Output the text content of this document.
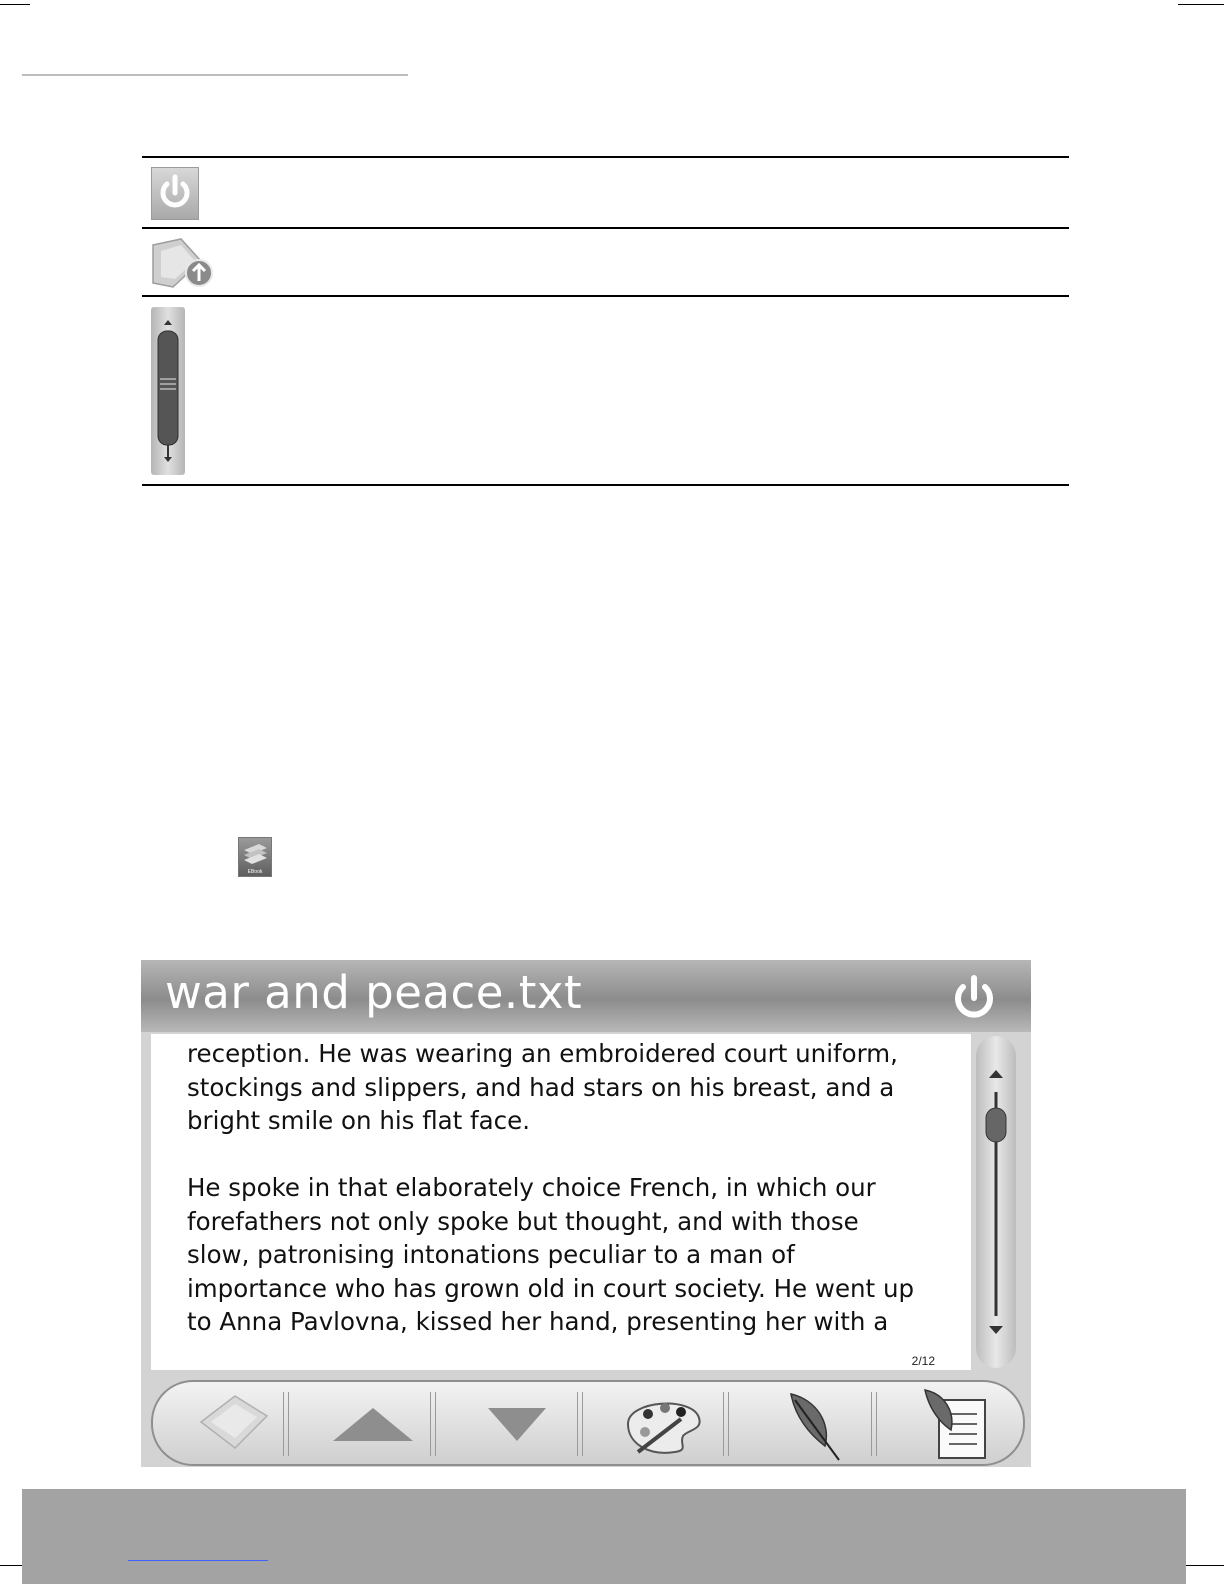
EBook
war and peace.txt

reception. He was wearing an embroidered court uniform,
stockings and slippers, and had stars on his breast, and a
bright smile on his flat face.

He spoke in that elaborately choice French, in which our
forefathers not only spoke but thought, and with those
slow, patronising intonations peculiar to a man of
importance who has grown old in court society. He went up
to Anna Pavlovna, kissed her hand, presenting her with a

2/12
